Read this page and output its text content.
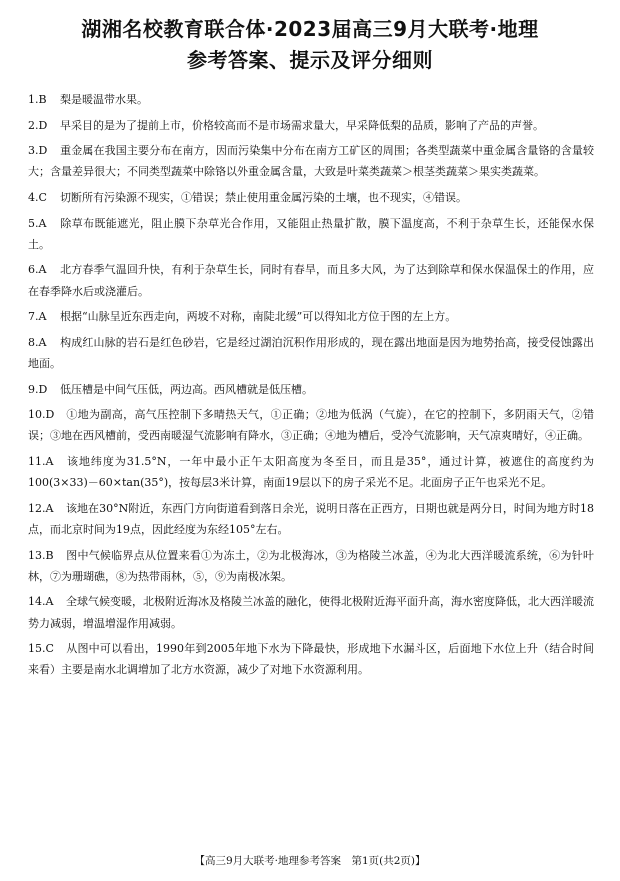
湖湘名校教育联合体·2023届高三9月大联考·地理
参考答案、提示及评分细则

1.B 梨是暖温带水果。

2.D 早采目的是为了提前上市，价格较高而不是市场需求量大，早采降低梨的品质，影响了产品的声誉。

3.D 重金属在我国主要分布在南方，因而污染集中分布在南方工矿区的周围；各类型蔬菜中重金属含量铬的含量较大；含量差异很大；不同类型蔬菜中除铬以外重金属含量，大致是叶菜类蔬菜＞根茎类蔬菜＞果实类蔬菜。

4.C 切断所有污染源不现实，①错误；禁止使用重金属污染的土壤，也不现实，④错误。

5.A 除草布既能遮光，阻止膜下杂草光合作用，又能阻止热量扩散，膜下温度高，不利于杂草生长，还能保水保土。

6.A 北方春季气温回升快，有利于杂草生长，同时有春旱，而且多大风，为了达到除草和保水保温保土的作用，应在春季降水后或浇灌后。

7.A 根据“山脉呈近东西走向，两坡不对称，南陡北缓”可以得知北方位于图的左上方。

8.A 构成红山脉的岩石是红色砂岩，它是经过湖泊沉积作用形成的，现在露出地面是因为地势抬高，接受侵蚀露出地面。

9.D 低压槽是中间气压低，两边高。西风槽就是低压槽。

10.D ①地为副高，高气压控制下多晴热天气，①正确；②地为低涡（气旋），在它的控制下，多阴雨天气，②错误；③地在西风槽前，受西南暖湿气流影响有降水，③正确；④地为槽后，受冷气流影响，天气凉爽晴好，④正确。

11.A 该地纬度为31.5°N，一年中最小正午太阳高度为冬至日，而且是35°，通过计算，被遮住的高度约为100(3×33)－60×tan(35°)，按每层3米计算，南面19层以下的房子采光不足。北面房子正午也采光不足。

12.A 该地在30°N附近，东西门方向街道看到落日余光，说明日落在正西方，日期也就是两分日，时间为地方时18点，而北京时间为19点，因此经度为东经105°左右。

13.B 图中气候临界点从位置来看①为冻土，②为北极海冰，③为格陵兰冰盖，④为北大西洋暖流系统，⑥为针叶林，⑦为珊瑚礁，⑧为热带雨林，⑤，⑨为南极冰架。

14.A 全球气候变暖，北极附近海冰及格陵兰冰盖的融化，使得北极附近海平面升高，海水密度降低，北大西洋暖流势力减弱，增温增湿作用减弱。

15.C 从图中可以看出，1990年到2005年地下水为下降最快，形成地下水漏斗区，后面地下水位上升（结合时间来看）主要是南水北调增加了北方水资源，减少了对地下水资源利用。

【高三9月大联考·地理参考答案　第1页(共2页)】
